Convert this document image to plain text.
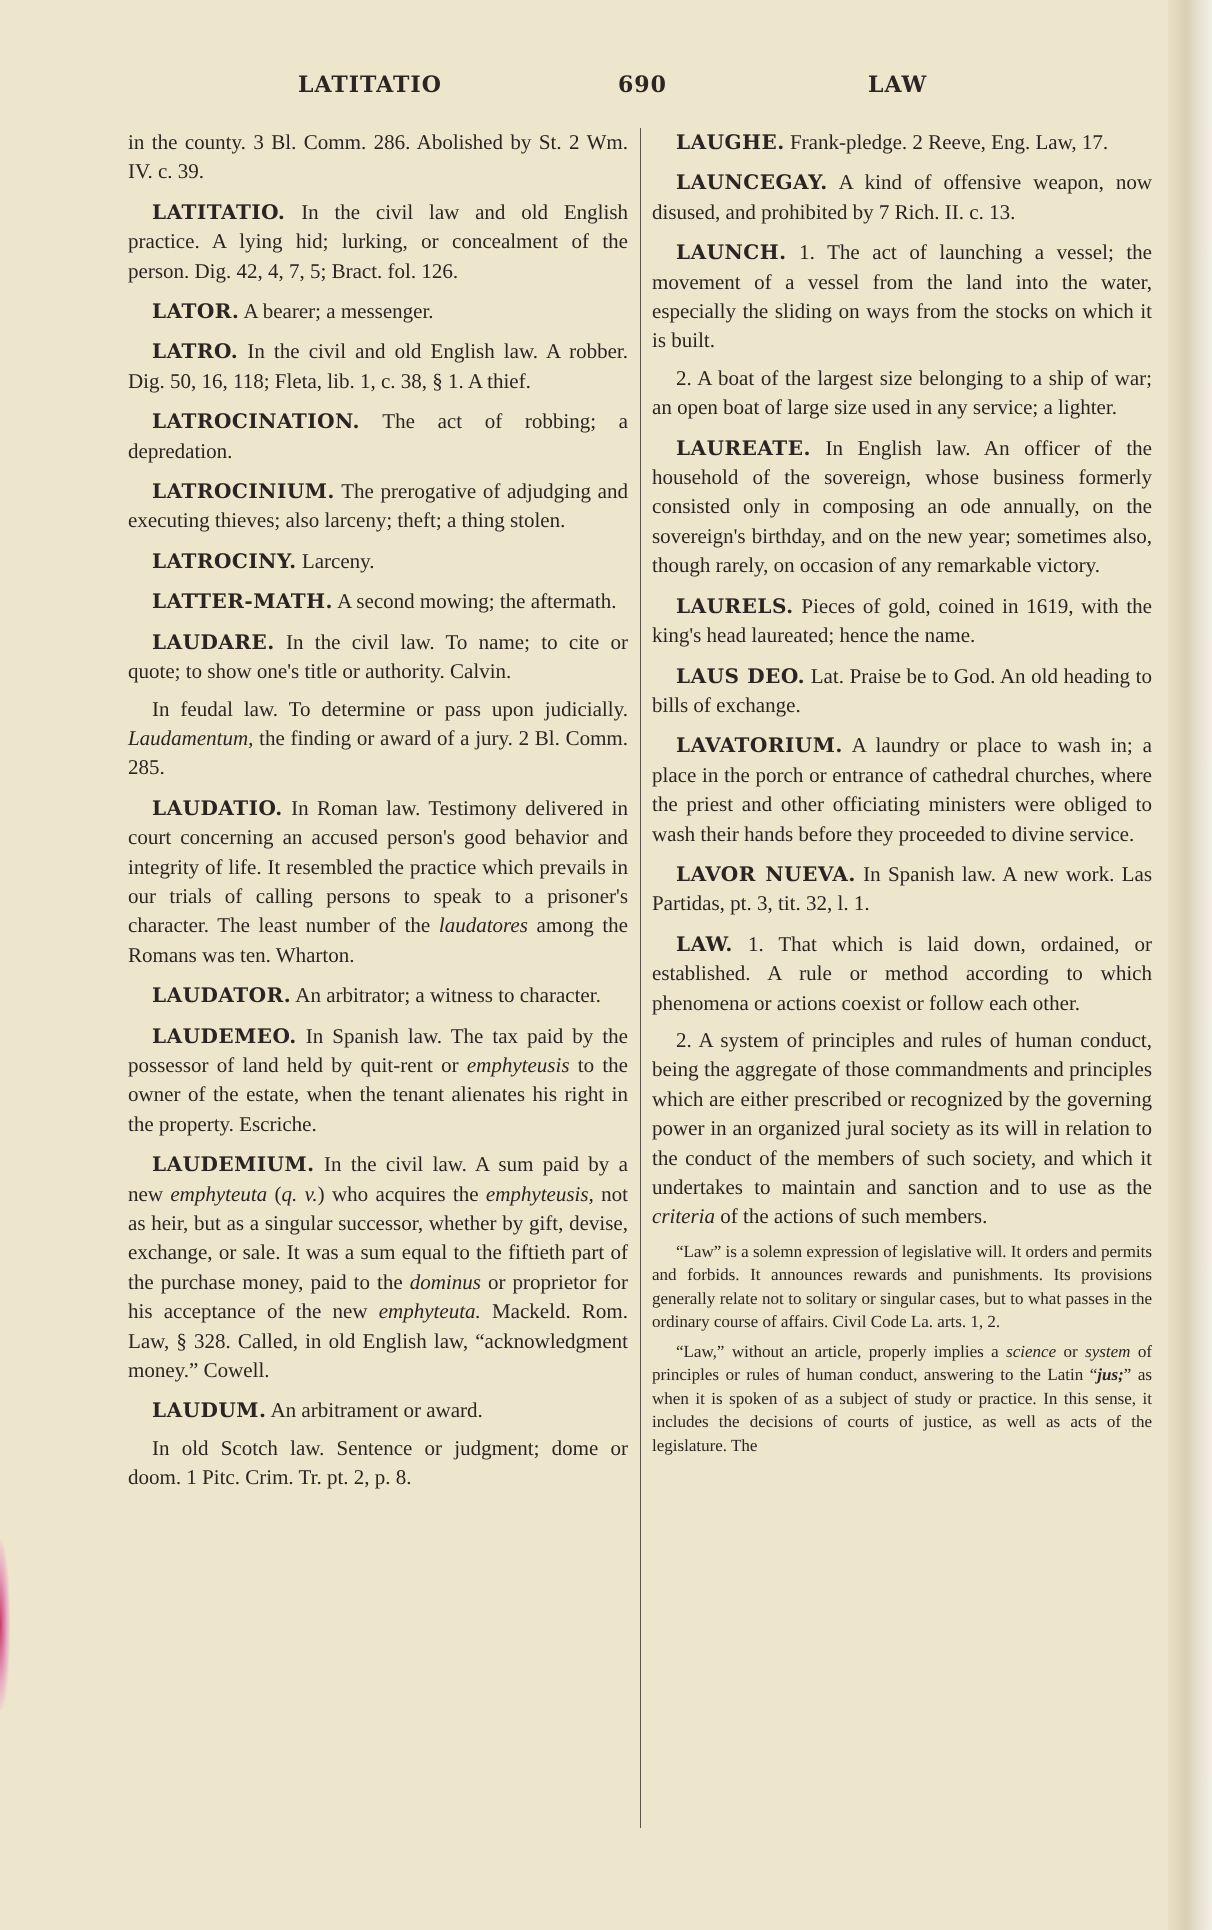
LATITATIO	690	LAW

in the county. 3 Bl. Comm. 286. Abolished by St. 2 Wm. IV. c. 39.

LATITATIO. In the civil law and old English practice. A lying hid; lurking, or concealment of the person. Dig. 42, 4, 7, 5; Bract. fol. 126.

LATOR. A bearer; a messenger.

LATRO. In the civil and old English law. A robber. Dig. 50, 16, 118; Fleta, lib. 1, c. 38, § 1. A thief.

LATROCINATION. The act of robbing; a depredation.

LATROCINIUM. The prerogative of adjudging and executing thieves; also larceny; theft; a thing stolen.

LATROCINY. Larceny.

LATTER-MATH. A second mowing; the aftermath.

LAUDARE. In the civil law. To name; to cite or quote; to show one's title or authority. Calvin.

In feudal law. To determine or pass upon judicially. Laudamentum, the finding or award of a jury. 2 Bl. Comm. 285.

LAUDATIO. In Roman law. Testimony delivered in court concerning an accused person's good behavior and integrity of life. It resembled the practice which prevails in our trials of calling persons to speak to a prisoner's character. The least number of the laudatores among the Romans was ten. Wharton.

LAUDATOR. An arbitrator; a witness to character.

LAUDEMEO. In Spanish law. The tax paid by the possessor of land held by quit-rent or emphyteusis to the owner of the estate, when the tenant alienates his right in the property. Escriche.

LAUDEMIUM. In the civil law. A sum paid by a new emphyteuta (q. v.) who acquires the emphyteusis, not as heir, but as a singular successor, whether by gift, devise, exchange, or sale. It was a sum equal to the fiftieth part of the purchase money, paid to the dominus or proprietor for his acceptance of the new emphyteuta. Mackeld. Rom. Law, § 328. Called, in old English law, “acknowledgment money.” Cowell.

LAUDUM. An arbitrament or award.

In old Scotch law. Sentence or judgment; dome or doom. 1 Pitc. Crim. Tr. pt. 2, p. 8.

LAUGHE. Frank-pledge. 2 Reeve, Eng. Law, 17.

LAUNCEGAY. A kind of offensive weapon, now disused, and prohibited by 7 Rich. II. c. 13.

LAUNCH. 1. The act of launching a vessel; the movement of a vessel from the land into the water, especially the sliding on ways from the stocks on which it is built.

2. A boat of the largest size belonging to a ship of war; an open boat of large size used in any service; a lighter.

LAUREATE. In English law. An officer of the household of the sovereign, whose business formerly consisted only in composing an ode annually, on the sovereign's birthday, and on the new year; sometimes also, though rarely, on occasion of any remarkable victory.

LAURELS. Pieces of gold, coined in 1619, with the king's head laureated; hence the name.

LAUS DEO. Lat. Praise be to God. An old heading to bills of exchange.

LAVATORIUM. A laundry or place to wash in; a place in the porch or entrance of cathedral churches, where the priest and other officiating ministers were obliged to wash their hands before they proceeded to divine service.

LAVOR NUEVA. In Spanish law. A new work. Las Partidas, pt. 3, tit. 32, l. 1.

LAW. 1. That which is laid down, ordained, or established. A rule or method according to which phenomena or actions coexist or follow each other.

2. A system of principles and rules of human conduct, being the aggregate of those commandments and principles which are either prescribed or recognized by the governing power in an organized jural society as its will in relation to the conduct of the members of such society, and which it undertakes to maintain and sanction and to use as the criteria of the actions of such members.

“Law” is a solemn expression of legislative will. It orders and permits and forbids. It announces rewards and punishments. Its provisions generally relate not to solitary or singular cases, but to what passes in the ordinary course of affairs. Civil Code La. arts. 1, 2.

“Law,” without an article, properly implies a science or system of principles or rules of human conduct, answering to the Latin “jus;” as when it is spoken of as a subject of study or practice. In this sense, it includes the decisions of courts of justice, as well as acts of the legislature. The
